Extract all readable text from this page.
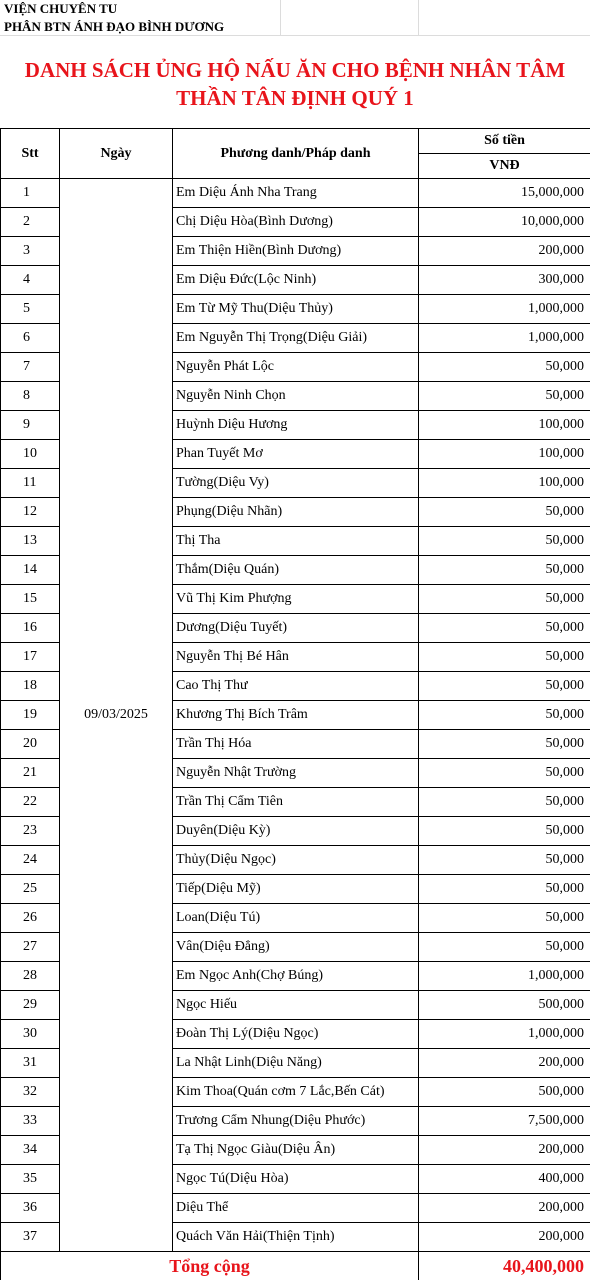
VIỆN CHUYÊN TU
PHÂN BTN ÁNH ĐẠO BÌNH DƯƠNG
DANH SÁCH ỦNG HỘ NẤU ĂN CHO BỆNH NHÂN TÂM
THẦN TÂN ĐỊNH QUÝ 1
Stt	Ngày	Phương danh/Pháp danh	Số tiền
			VNĐ
1	09/03/2025	Em Diệu Ánh Nha Trang	15,000,000
2		Chị Diệu Hòa(Bình Dương)	10,000,000
3		Em Thiện Hiền(Bình Dương)	200,000
4		Em Diệu Đức(Lộc Ninh)	300,000
5		Em Từ Mỹ Thu(Diệu Thủy)	1,000,000
6		Em Nguyễn Thị Trọng(Diệu Giải)	1,000,000
7		Nguyễn Phát Lộc	50,000
8		Nguyễn Ninh Chọn	50,000
9		Huỳnh Diệu Hương	100,000
10		Phan Tuyết Mơ	100,000
11		Tường(Diệu Vy)	100,000
12		Phụng(Diệu Nhãn)	50,000
13		Thị Tha	50,000
14		Thắm(Diệu Quán)	50,000
15		Vũ Thị Kim Phượng	50,000
16		Dương(Diệu Tuyết)	50,000
17		Nguyễn Thị Bé Hân	50,000
18		Cao Thị Thư	50,000
19		Khương Thị Bích Trâm	50,000
20		Trần Thị Hóa	50,000
21		Nguyễn Nhật Trường	50,000
22		Trần Thị Cẩm Tiên	50,000
23		Duyên(Diệu Kỳ)	50,000
24		Thủy(Diệu Ngọc)	50,000
25		Tiếp(Diệu Mỹ)	50,000
26		Loan(Diệu Tú)	50,000
27		Vân(Diệu Đẳng)	50,000
28		Em Ngọc Anh(Chợ Búng)	1,000,000
29		Ngọc Hiếu	500,000
30		Đoàn Thị Lý(Diệu Ngọc)	1,000,000
31		La Nhật Linh(Diệu Năng)	200,000
32		Kim Thoa(Quán cơm 7 Lắc,Bến Cát)	500,000
33		Trương Cẩm Nhung(Diệu Phước)	7,500,000
34		Tạ Thị Ngọc Giàu(Diệu Ân)	200,000
35		Ngọc Tú(Diệu Hòa)	400,000
36		Diệu Thể	200,000
37		Quách Văn Hải(Thiện Tịnh)	200,000
Tổng cộng			40,400,000
